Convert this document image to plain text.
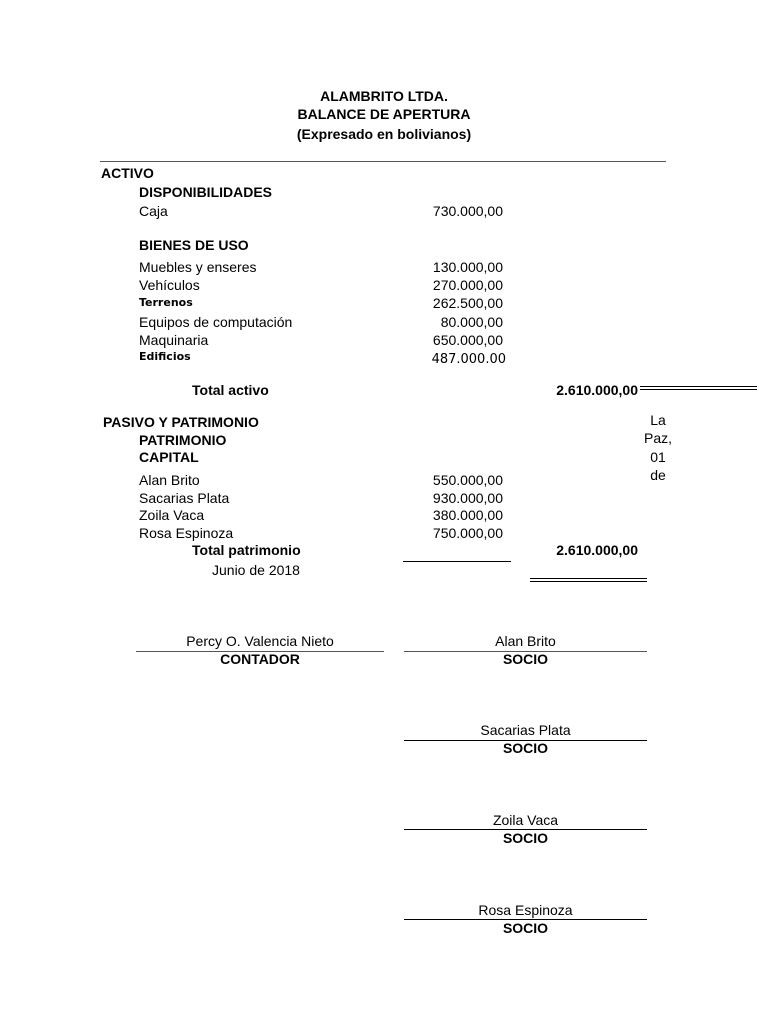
ALAMBRITO LTDA.
BALANCE DE APERTURA
(Expresado en bolivianos)
ACTIVO
DISPONIBILIDADES
Caja	730.000,00
BIENES DE USO
Muebles y enseres	130.000,00
Vehículos	270.000,00
Terrenos	262.500,00
Equipos de computación	80.000,00
Maquinaria	650.000,00
Edificios	487.000.00
Total activo	2.610.000,00
PASIVO Y PATRIMONIO
PATRIMONIO
CAPITAL
La
Paz,
01
de
Alan Brito	550.000,00
Sacarias Plata	930.000,00
Zoila Vaca	380.000,00
Rosa Espinoza	750.000,00
Total patrimonio	2.610.000,00
Junio de 2018
Percy O. Valencia Nieto
CONTADOR
Alan Brito
SOCIO
Sacarias Plata
SOCIO
Zoila Vaca
SOCIO
Rosa Espinoza
SOCIO
